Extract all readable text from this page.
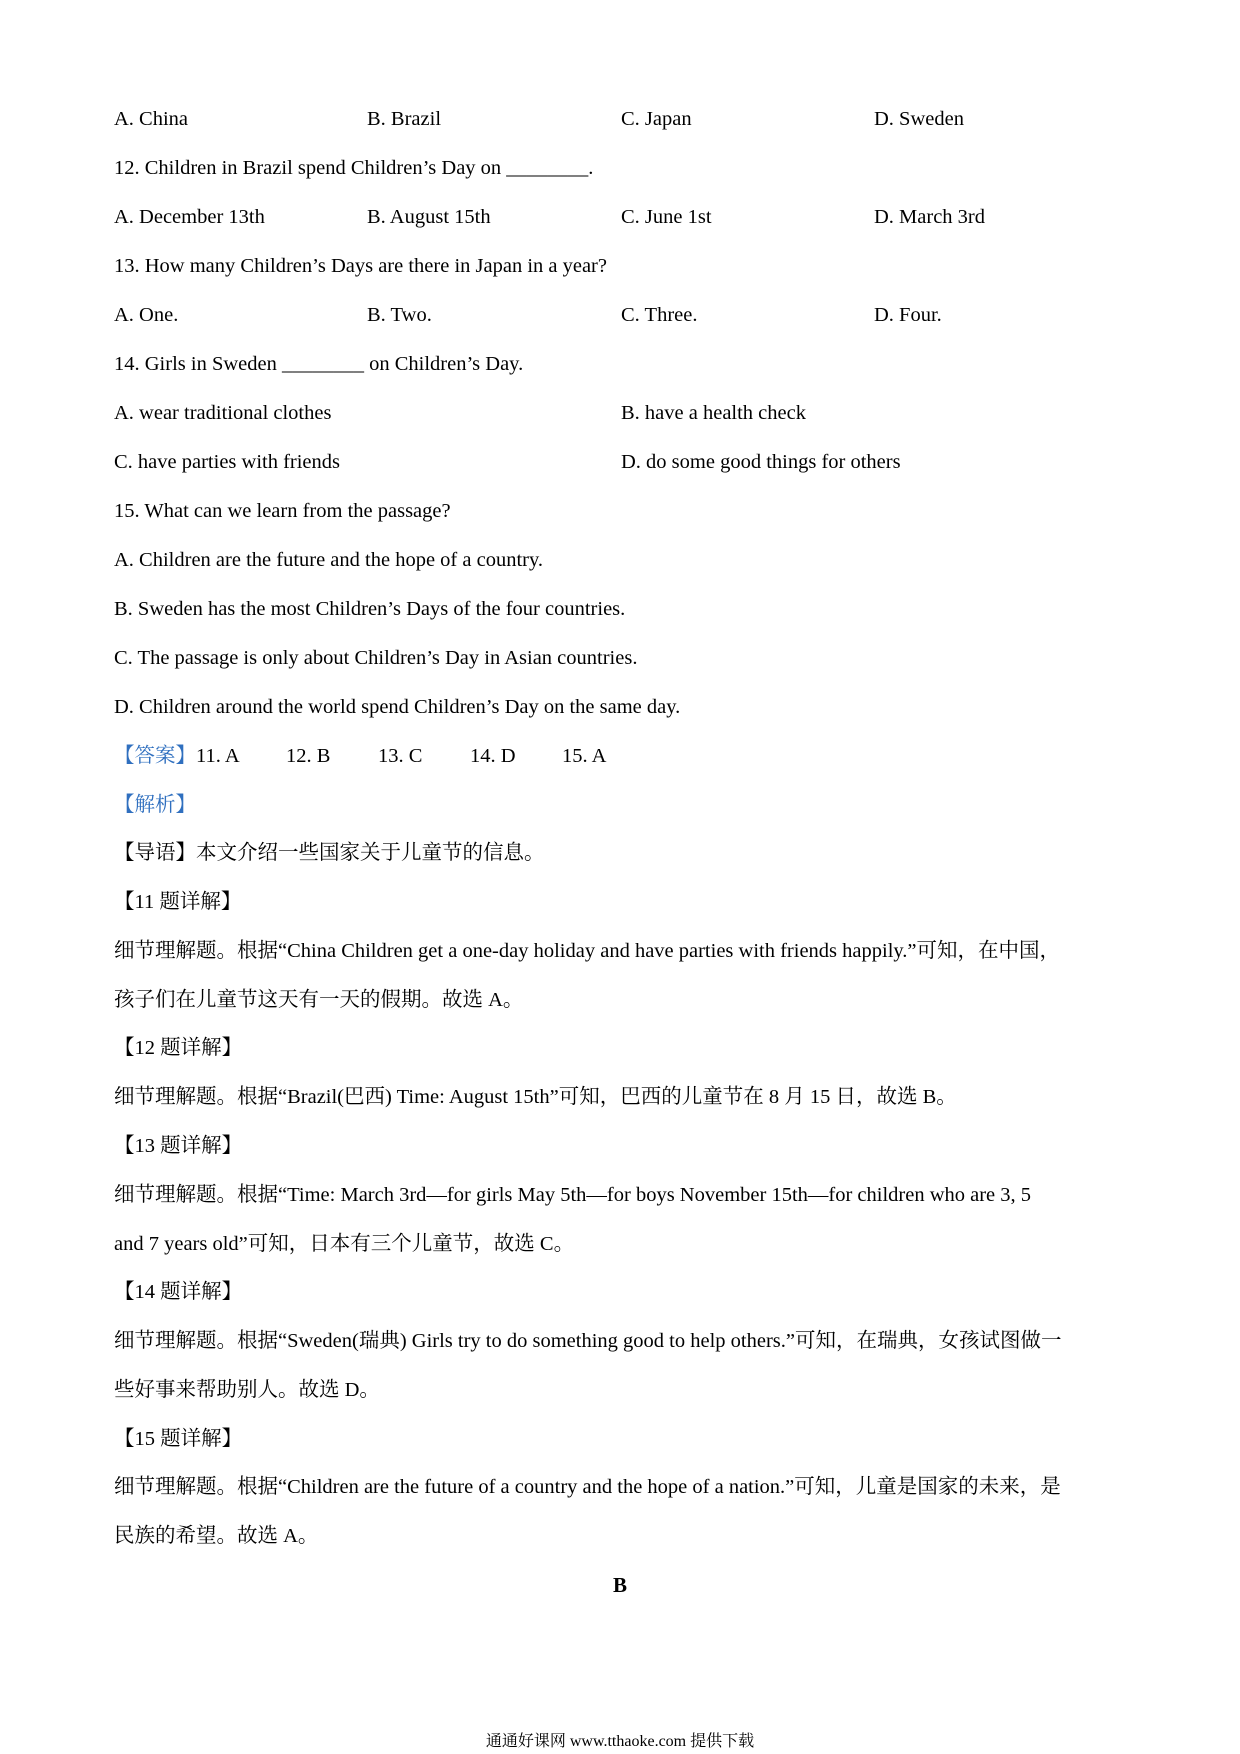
A. China	B. Brazil	C. Japan	D. Sweden
12. Children in Brazil spend Children’s Day on ________.
A. December 13th	B. August 15th	C. June 1st	D. March 3rd
13. How many Children’s Days are there in Japan in a year?
A. One.	B. Two.	C. Three.	D. Four.
14. Girls in Sweden ________ on Children’s Day.
A. wear traditional clothes	B. have a health check
C. have parties with friends	D. do some good things for others
15. What can we learn from the passage?
A. Children are the future and the hope of a country.
B. Sweden has the most Children’s Days of the four countries.
C. The passage is only about Children’s Day in Asian countries.
D. Children around the world spend Children’s Day on the same day.
【答案】11. A 12. B 13. C 14. D 15. A
【解析】
【导语】本文介绍一些国家关于儿童节的信息。
【11 题详解】
细节理解题。根据“China Children get a one-day holiday and have parties with friends happily.”可知，在中国，
孩子们在儿童节这天有一天的假期。故选 A。
【12 题详解】
细节理解题。根据“Brazil(巴西) Time: August 15th”可知，巴西的儿童节在 8 月 15 日，故选 B。
【13 题详解】
细节理解题。根据“Time: March 3rd—for girls May 5th—for boys November 15th—for children who are 3, 5
and 7 years old”可知，日本有三个儿童节，故选 C。
【14 题详解】
细节理解题。根据“Sweden(瑞典) Girls try to do something good to help others.”可知，在瑞典，女孩试图做一
些好事来帮助别人。故选 D。
【15 题详解】
细节理解题。根据“Children are the future of a country and the hope of a nation.”可知，儿童是国家的未来，是
民族的希望。故选 A。
B
通通好课网 www.tthaoke.com 提供下载
